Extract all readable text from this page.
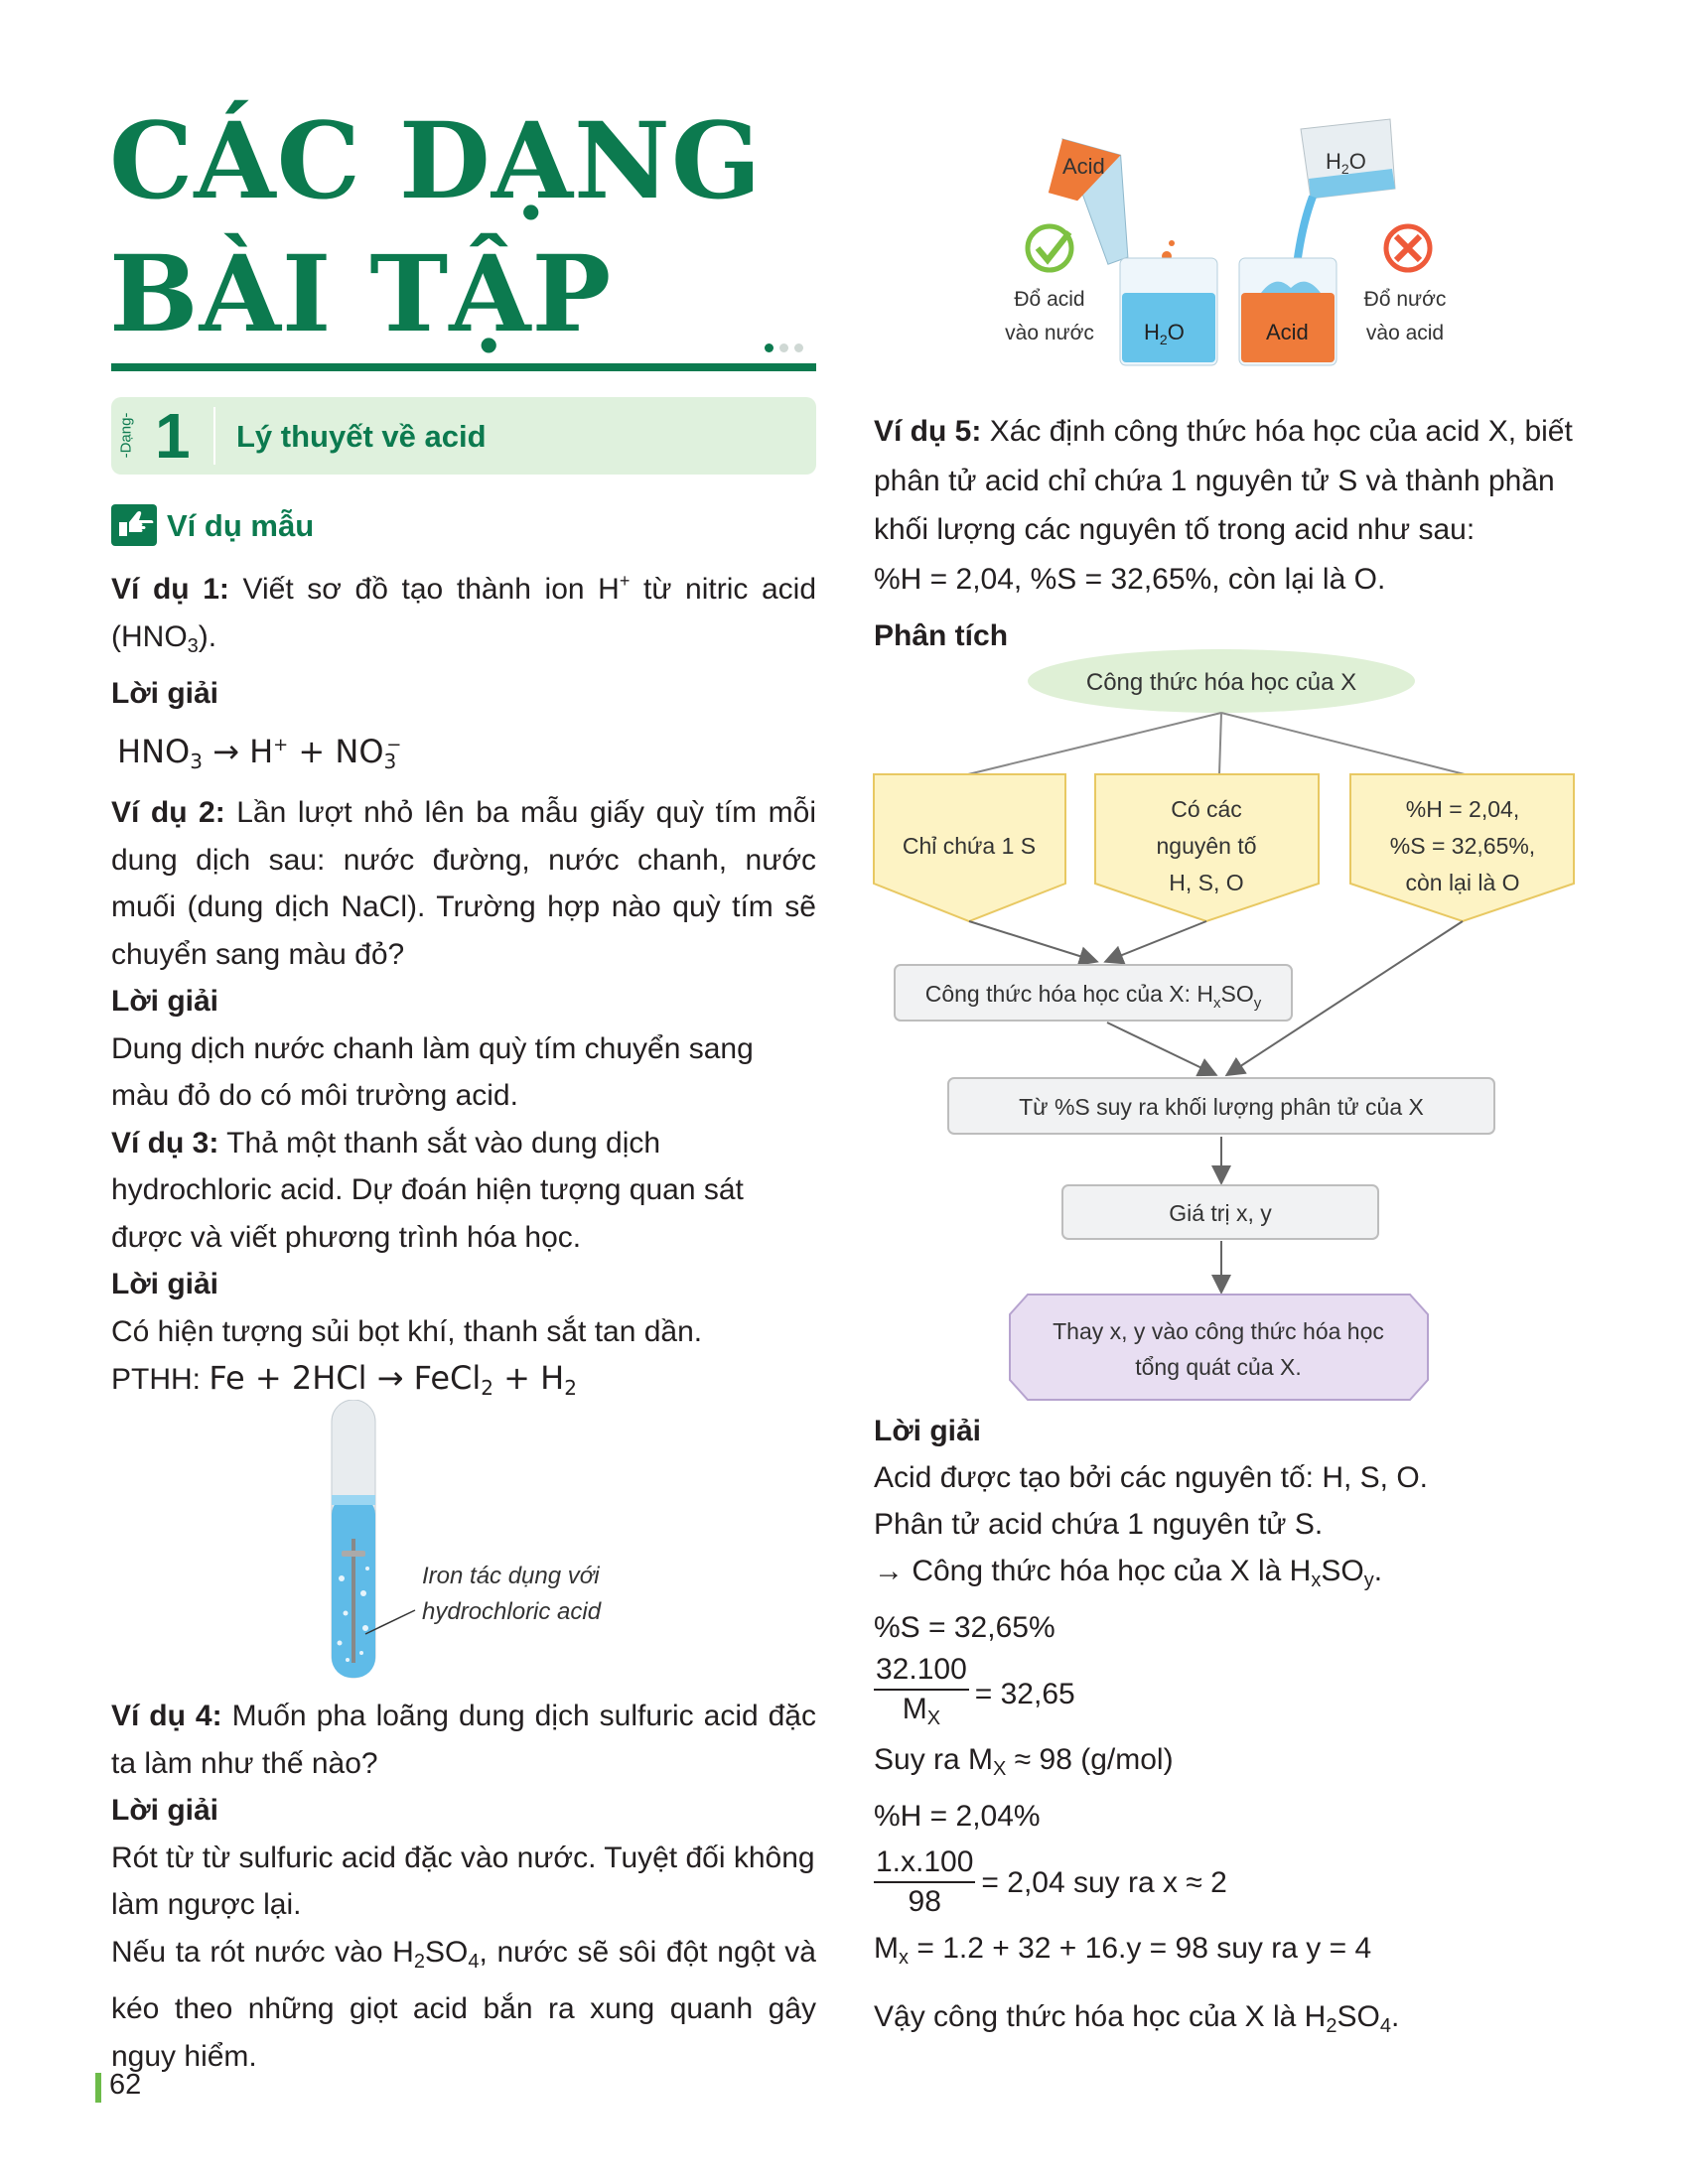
CÁC DẠNG
BÀI TẬP
-Dạng- 1 Lý thuyết về acid
Ví dụ mẫu

Ví dụ 1: Viết sơ đồ tạo thành ion H+ từ nitric acid $(HNO_3)$.

Lời giải

$HNO_3 \to H^+ + NO_3^-$

Ví dụ 2: Lần lượt nhỏ lên ba mẫu giấy quỳ tím mỗi dung dịch sau: nước đường, nước chanh, nước muối (dung dịch NaCl). Trường hợp nào quỳ tím sẽ chuyển sang màu đỏ?

Lời giải

Dung dịch nước chanh làm quỳ tím chuyển sang

màu đỏ do có môi trường acid.

Ví dụ 3: Thả một thanh sắt vào dung dịch

hydrochloric acid. Dự đoán hiện tượng quan sát

được và viết phương trình hóa học.

Lời giải

Có hiện tượng sủi bọt khí, thanh sắt tan dần.

PTHH: Fe + 2HCl → FeCl$_2$ + $H_2$

Iron tác dụng với
hydrochloric acid

Ví dụ 4: Muốn pha loãng dung dịch sulfuric acid đặc ta làm như thế nào?

Lời giải

Rót từ từ sulfuric acid đặc vào nước. Tuyệt đối không làm ngược lại.

Nếu ta rót nước vào $H_2SO_4$, nước sẽ sôi đột ngột và kéo theo những giọt acid bắn ra xung quanh gây nguy hiểm.

62
Acid
$H_2O$
$H_2O$
Acid
Đổ acid
vào nước
Đổ nước
vào acid

Ví dụ 5: Xác định công thức hóa học của acid X, biết phân tử acid chỉ chứa 1 nguyên tử S và thành phần khối lượng các nguyên tố trong acid như sau:

%H = 2,04, %S = 32,65%, còn lại là O.

Phân tích

Công thức hóa học của X
Chỉ chứa 1 S
Có các
nguyên tố
H, S, O
%H = 2,04,
%S = 32,65%,
còn lại là O
Công thức hóa học của X: $H_xSO_y$
Từ %S suy ra khối lượng phân tử của X
Giá trị x, y
Thay x, y vào công thức hóa học
tổng quát của X.

Lời giải

Acid được tạo bởi các nguyên tố: H, S, O.

Phân tử acid chứa 1 nguyên tử S.

→ Công thức hóa học của X là $H_xSO_y$.

%S = 32,65%

$\frac{32.100}{M_X} = 32,65$

Suy ra $M_X \approx 98$ (g/mol)

%H = 2,04%

$\frac{1.x.100}{98} = 2,04$ suy ra x ≈ 2

$M_x = 1.2 + 32 + 16.y = 98$ suy ra y = 4

Vậy công thức hóa học của X là $H_2SO_4$.
